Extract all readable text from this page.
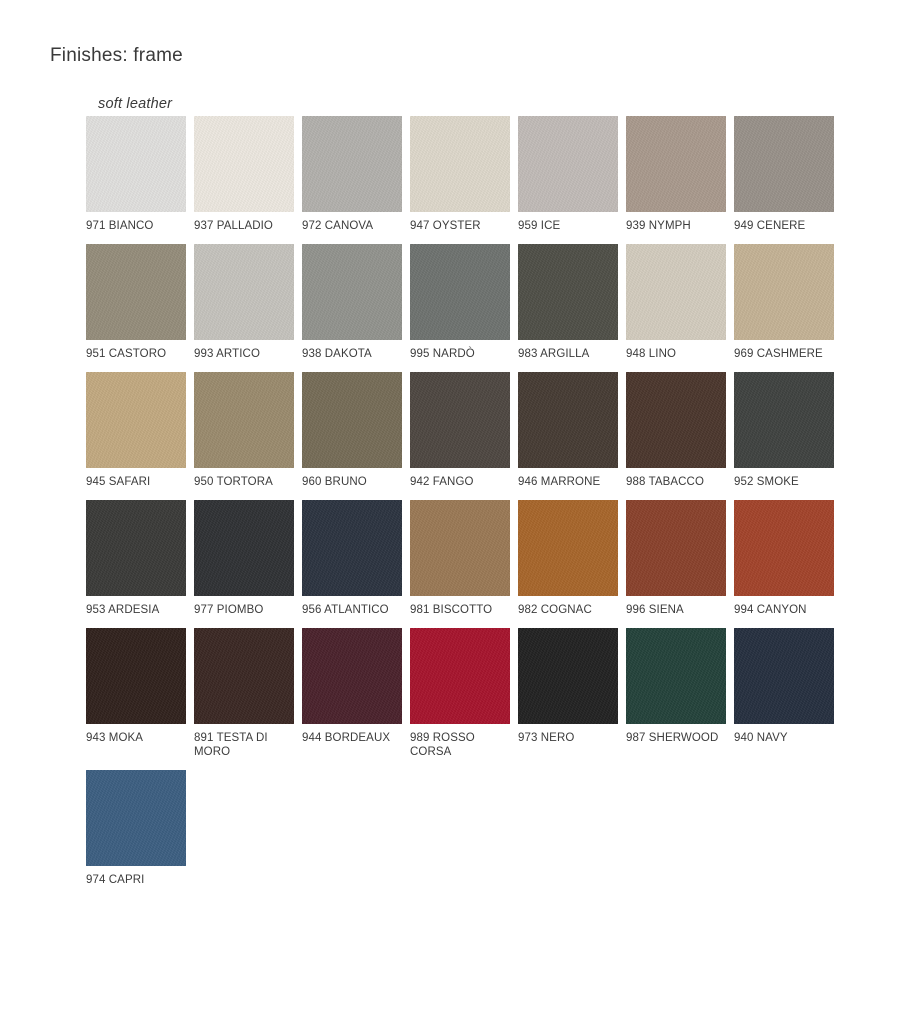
Finishes: frame
soft leather
971 BIANCO	937 PALLADIO	972 CANOVA	947 OYSTER	959 ICE	939 NYMPH	949 CENERE
951 CASTORO	993 ARTICO	938 DAKOTA	995 NARDÒ	983 ARGILLA	948 LINO	969 CASHMERE
945 SAFARI	950 TORTORA	960 BRUNO	942 FANGO	946 MARRONE	988 TABACCO	952 SMOKE
953 ARDESIA	977 PIOMBO	956 ATLANTICO	981 BISCOTTO	982 COGNAC	996 SIENA	994 CANYON
943 MOKA	891 TESTA DI MORO
944 BORDEAUX	989 ROSSO CORSA
973 NERO	987 SHERWOOD	940 NAVY
974 CAPRI
